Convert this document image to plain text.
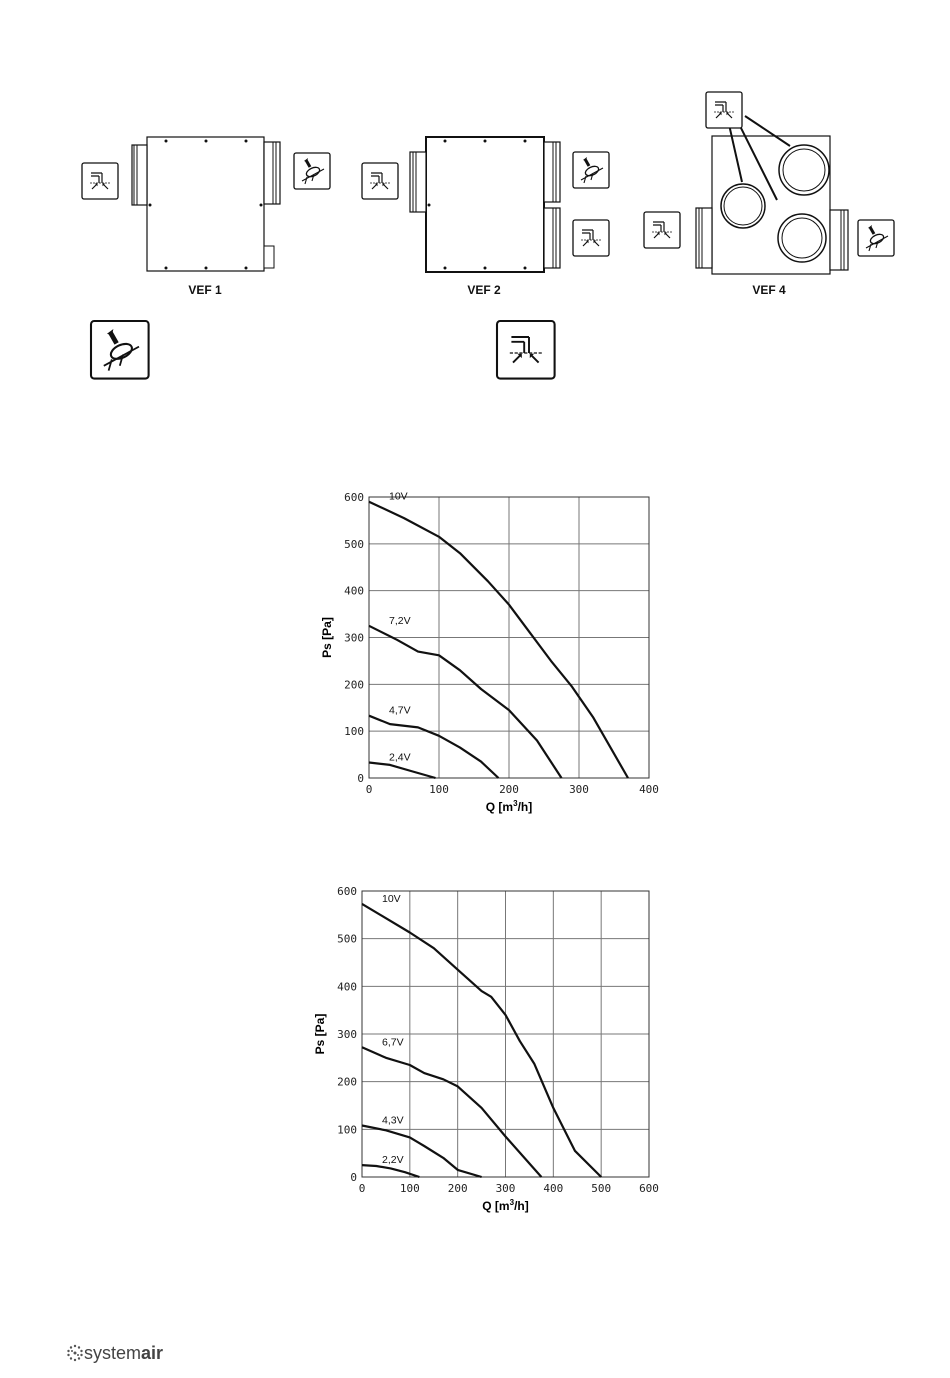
VEF 1	VEF 2	VEF 4
0	100	200	300	400
0
100
200
300
400
500
600
Q $[m^3/h]$
Ps [Pa]
10V
7,2V
4,7V
2,4V
0	100	200	300	400	500	600
0
100
200
300
400
500
600
Q $[m^3/h]$
Ps [Pa]
10V
6,7V
4,3V
2,2V
systemair
